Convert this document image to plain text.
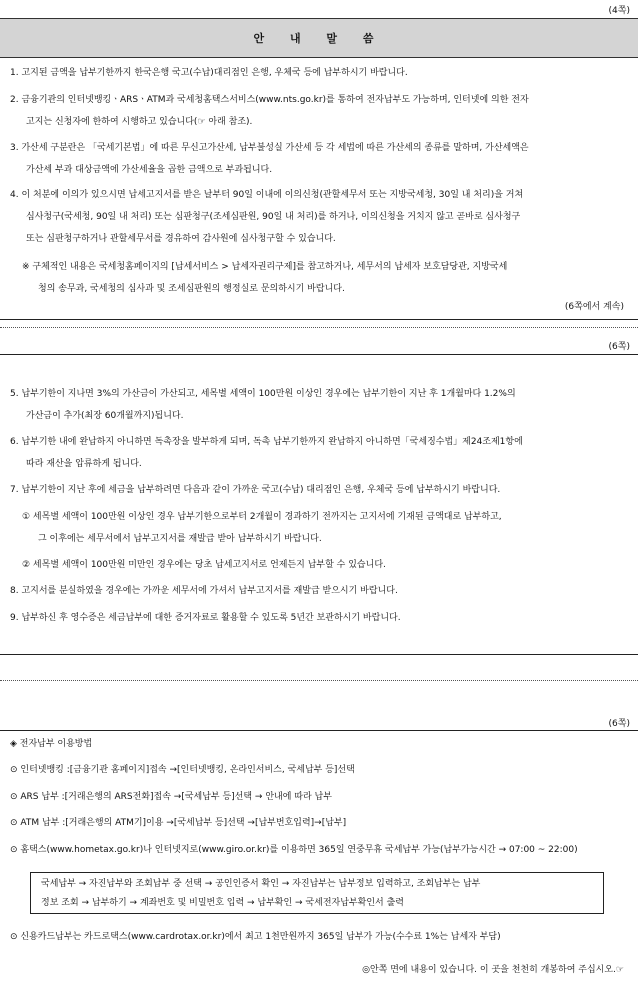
(4쪽)
안 내 말 씀
1. 고지된 금액을 납부기한까지 한국은행 국고(수납)대리점인 은행, 우체국 등에 납부하시기 바랍니다.
2. 금융기관의 인터넷뱅킹ㆍARSㆍATM과 국세청홈택스서비스(www.nts.go.kr)를 통하여 전자납부도 가능하며, 인터넷에 의한 전자
고지는 신청자에 한하여 시행하고 있습니다(☞ 아래 참조).
3. 가산세 구분란은 「국세기본법」에 따른 무신고가산세, 납부불성실 가산세 등 각 세법에 따른 가산세의 종류를 말하며, 가산세액은
가산세 부과 대상금액에 가산세율을 곱한 금액으로 부과됩니다.
4. 이 처분에 이의가 있으시면 납세고지서를 받은 날부터 90일 이내에 이의신청(관할세무서 또는 지방국세청, 30일 내 처리)을 거쳐
심사청구(국세청, 90일 내 처리) 또는 심판청구(조세심판원, 90일 내 처리)를 하거나, 이의신청을 거치지 않고 곧바로 심사청구
또는 심판청구하거나 관할세무서를 경유하여 감사원에 심사청구할 수 있습니다.
※ 구체적인 내용은 국세청홈페이지의 [납세서비스 > 납세자권리구제]를 참고하거나, 세무서의 납세자 보호담당관, 지방국세
청의 송무과, 국세청의 심사과 및 조세심판원의 행정실로 문의하시기 바랍니다.
(6쪽에서 계속)
(6쪽)
5. 납부기한이 지나면 3%의 가산금이 가산되고, 세목별 세액이 100만원 이상인 경우에는 납부기한이 지난 후 1개월마다 1.2%의
가산금이 추가(최장 60개월까지)됩니다.
6. 납부기한 내에 완납하지 아니하면 독촉장을 발부하게 되며, 독촉 납부기한까지 완납하지 아니하면「국세징수법」제24조제1항에
따라 재산을 압류하게 됩니다.
7. 납부기한이 지난 후에 세금을 납부하려면 다음과 같이 가까운 국고(수납) 대리점인 은행, 우체국 등에 납부하시기 바랍니다.
① 세목별 세액이 100만원 이상인 경우 납부기한으로부터 2개월이 경과하기 전까지는 고지서에 기재된 금액대로 납부하고,
그 이후에는 세무서에서 납부고지서를 재발급 받아 납부하시기 바랍니다.
② 세목별 세액이 100만원 미만인 경우에는 당초 납세고지서로 언제든지 납부할 수 있습니다.
8. 고지서를 분실하였을 경우에는 가까운 세무서에 가셔서 납부고지서를 재발급 받으시기 바랍니다.
9. 납부하신 후 영수증은 세금납부에 대한 증거자료로 활용할 수 있도록 5년간 보관하시기 바랍니다.
(6쪽)
◈ 전자납부 이용방법
⊙ 인터넷뱅킹 :[금융기관 홈페이지]접속 →[인터넷뱅킹, 온라인서비스, 국세납부 등]선택
⊙ ARS 납부 :[거래은행의 ARS전화]접속 →[국세납부 등]선택 → 안내에 따라 납부
⊙ ATM 납부 :[거래은행의 ATM기]이용 →[국세납부 등]선택 →[납부번호입력]→[납부]
⊙ 홈택스(www.hometax.go.kr)나 인터넷지로(www.giro.or.kr)를 이용하면 365일 연중무휴 국세납부 가능(납부가능시간 → 07:00 ~ 22:00)
국세납부 → 자진납부와 조회납부 중 선택 → 공인인증서 확인 → 자진납부는 납부정보 입력하고, 조회납부는 납부
정보 조회 → 납부하기 → 계좌번호 및 비밀번호 입력 → 납부확인 → 국세전자납부확인서 출력
⊙ 신용카드납부는 카드로택스(www.cardrotax.or.kr)에서 최고 1천만원까지 365일 납부가 가능(수수료 1%는 납세자 부담)
◎안쪽 면에 내용이 있습니다. 이 곳을 천천히 개봉하여 주십시오.☞
